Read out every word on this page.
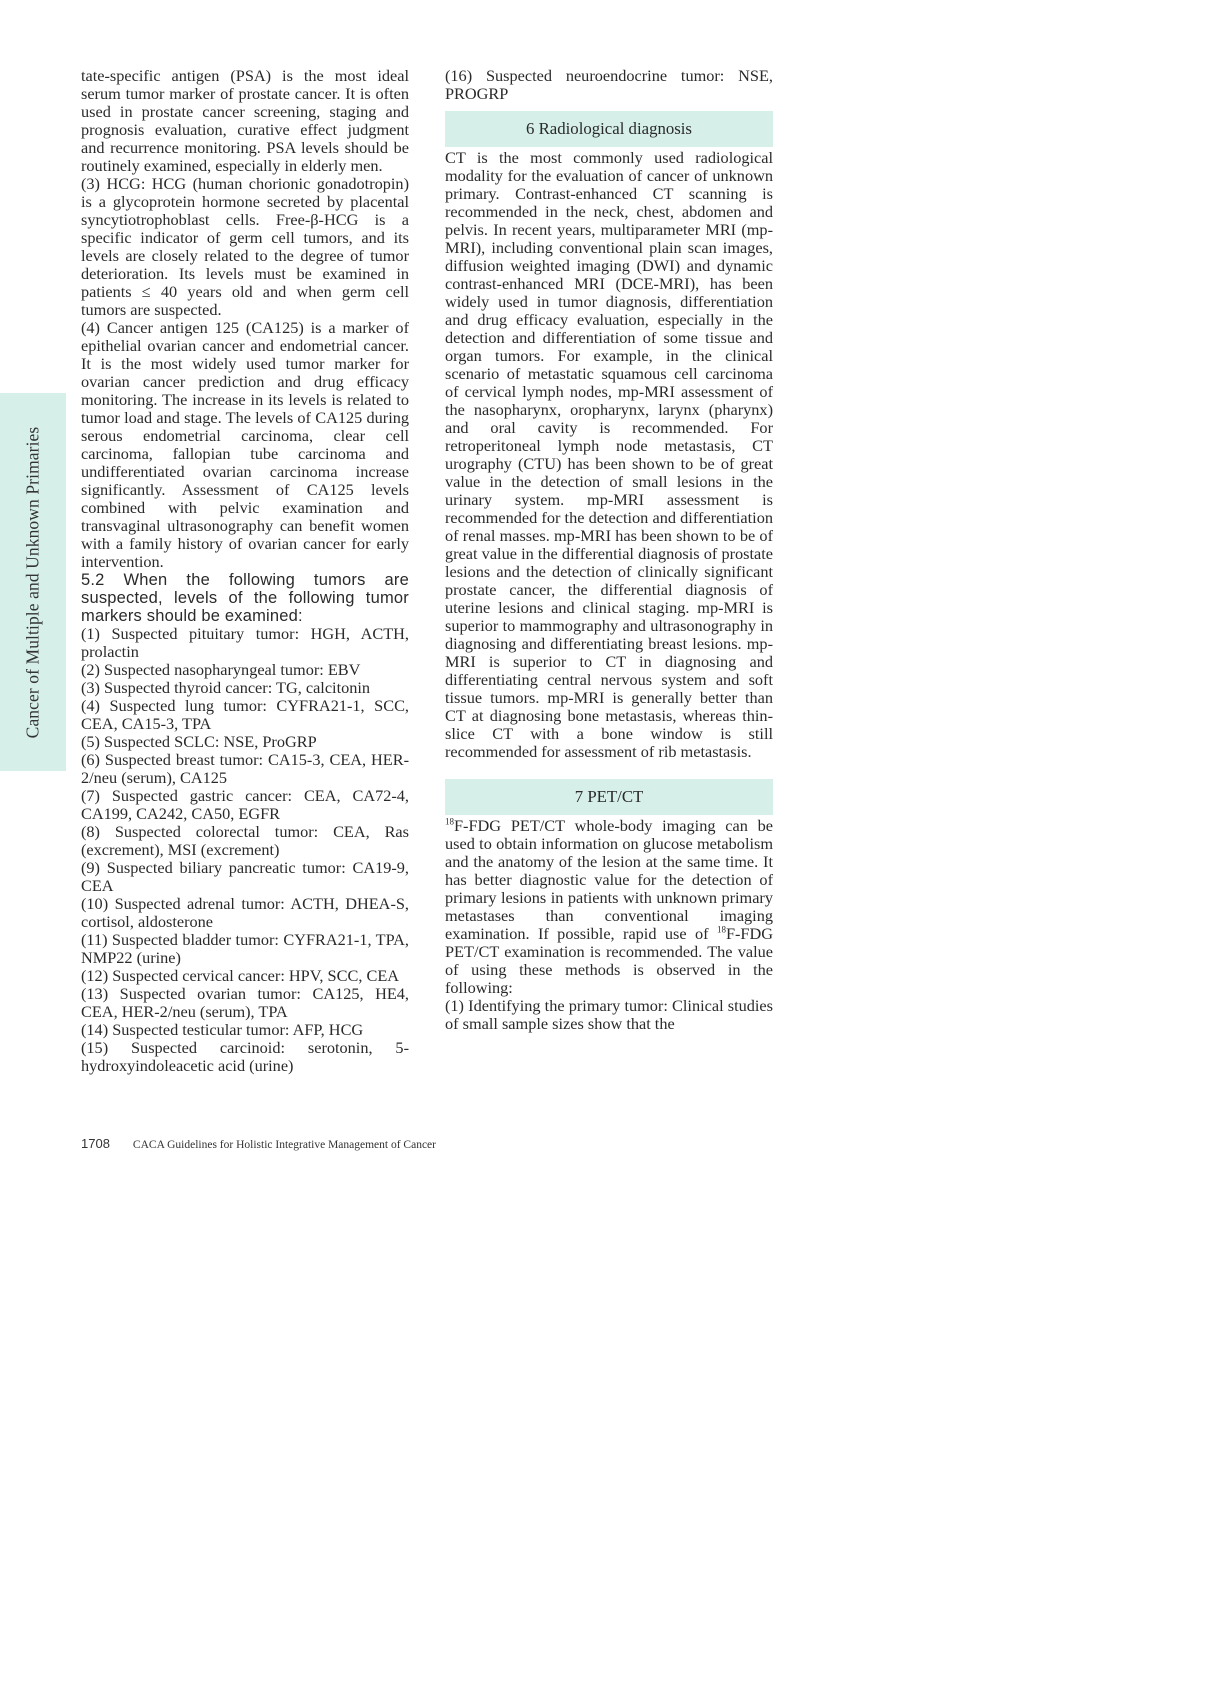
Cancer of Multiple and Unknown Primaries

tate-specific antigen (PSA) is the most ideal serum tumor marker of prostate cancer. It is often used in prostate cancer screening, staging and prognosis evaluation, curative effect judgment and recurrence monitoring. PSA levels should be routinely examined, especially in elderly men.

(3) HCG: HCG (human chorionic gonadotropin) is a glycoprotein hormone secreted by placental syncytiotrophoblast cells. Free-β-HCG is a specific indicator of germ cell tumors, and its levels are closely related to the degree of tumor deterioration. Its levels must be examined in patients ≤ 40 years old and when germ cell tumors are suspected.

(4) Cancer antigen 125 (CA125) is a marker of epithelial ovarian cancer and endometrial cancer. It is the most widely used tumor marker for ovarian cancer prediction and drug efficacy monitoring. The increase in its levels is related to tumor load and stage. The levels of CA125 during serous endometrial carcinoma, clear cell carcinoma, fallopian tube carcinoma and undifferentiated ovarian carcinoma increase significantly. Assessment of CA125 levels combined with pelvic examination and transvaginal ultrasonography can benefit women with a family history of ovarian cancer for early intervention.

5.2 When the following tumors are suspected, levels of the following tumor markers should be examined:

(1) Suspected pituitary tumor: HGH, ACTH, prolactin

(2) Suspected nasopharyngeal tumor: EBV

(3) Suspected thyroid cancer: TG, calcitonin

(4) Suspected lung tumor: CYFRA21-1, SCC, CEA, CA15-3, TPA

(5) Suspected SCLC: NSE, ProGRP

(6) Suspected breast tumor: CA15-3, CEA, HER-2/neu (serum), CA125

(7) Suspected gastric cancer: CEA, CA72-4, CA199, CA242, CA50, EGFR

(8) Suspected colorectal tumor: CEA, Ras (excrement), MSI (excrement)

(9) Suspected biliary pancreatic tumor: CA19-9, CEA

(10) Suspected adrenal tumor: ACTH, DHEA-S, cortisol, aldosterone

(11) Suspected bladder tumor: CYFRA21-1, TPA, NMP22 (urine)

(12) Suspected cervical cancer: HPV, SCC, CEA

(13) Suspected ovarian tumor: CA125, HE4, CEA, HER-2/neu (serum), TPA

(14) Suspected testicular tumor: AFP, HCG

(15) Suspected carcinoid: serotonin, 5-hydroxyindoleacetic acid (urine)

(16) Suspected neuroendocrine tumor: NSE, PROGRP

6 Radiological diagnosis

CT is the most commonly used radiological modality for the evaluation of cancer of unknown primary. Contrast-enhanced CT scanning is recommended in the neck, chest, abdomen and pelvis. In recent years, multiparameter MRI (mp-MRI), including conventional plain scan images, diffusion weighted imaging (DWI) and dynamic contrast-enhanced MRI (DCE-MRI), has been widely used in tumor diagnosis, differentiation and drug efficacy evaluation, especially in the detection and differentiation of some tissue and organ tumors. For example, in the clinical scenario of metastatic squamous cell carcinoma of cervical lymph nodes, mp-MRI assessment of the nasopharynx, oropharynx, larynx (pharynx) and oral cavity is recommended. For retroperitoneal lymph node metastasis, CT urography (CTU) has been shown to be of great value in the detection of small lesions in the urinary system. mp-MRI assessment is recommended for the detection and differentiation of renal masses. mp-MRI has been shown to be of great value in the differential diagnosis of prostate lesions and the detection of clinically significant prostate cancer, the differential diagnosis of uterine lesions and clinical staging. mp-MRI is superior to mammography and ultrasonography in diagnosing and differentiating breast lesions. mp-MRI is superior to CT in diagnosing and differentiating central nervous system and soft tissue tumors. mp-MRI is generally better than CT at diagnosing bone metastasis, whereas thin-slice CT with a bone window is still recommended for assessment of rib metastasis.

7 PET/CT

$^{18}$F-FDG PET/CT whole-body imaging can be used to obtain information on glucose metabolism and the anatomy of the lesion at the same time. It has better diagnostic value for the detection of primary lesions in patients with unknown primary metastases than conventional imaging examination. If possible, rapid use of $^{18}$F-FDG PET/CT examination is recommended. The value of using these methods is observed in the following:

(1) Identifying the primary tumor: Clinical studies of small sample sizes show that the

1708 CACA Guidelines for Holistic Integrative Management of Cancer
